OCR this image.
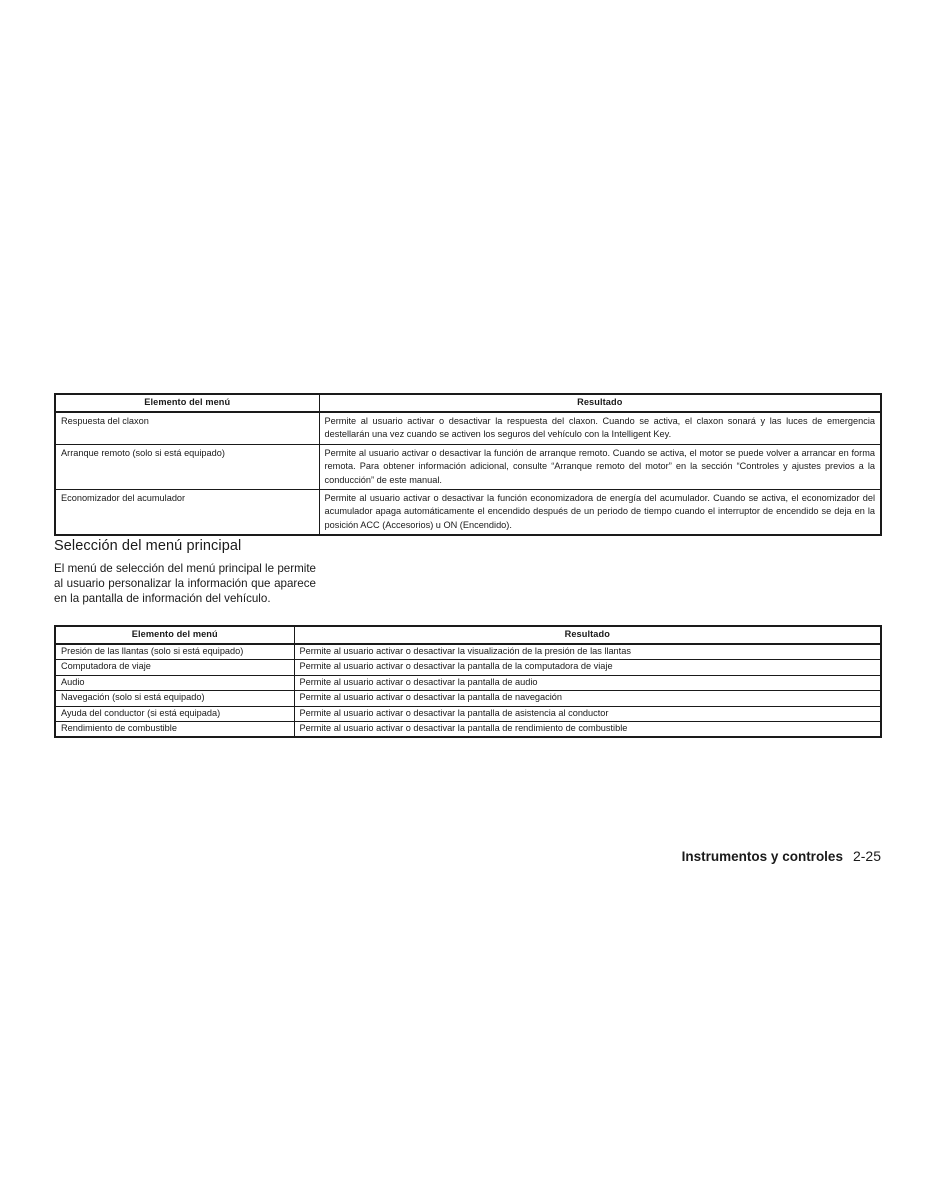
Elemento del menú	Resultado
Respuesta del claxon	Permite al usuario activar o desactivar la respuesta del claxon. Cuando se activa, el claxon sonará y las luces de emergencia destellarán una vez cuando se activen los seguros del vehículo con la Intelligent Key.
Arranque remoto (solo si está equipado)	Permite al usuario activar o desactivar la función de arranque remoto. Cuando se activa, el motor se puede volver a arrancar en forma remota. Para obtener información adicional, consulte “Arranque remoto del motor” en la sección “Controles y ajustes previos a la conducción” de este manual.
Economizador del acumulador	Permite al usuario activar o desactivar la función economizadora de energía del acumulador. Cuando se activa, el economizador del acumulador apaga automáticamente el encendido después de un periodo de tiempo cuando el interruptor de encendido se deja en la posición ACC (Accesorios) u ON (Encendido).
Selección del menú principal

El menú de selección del menú principal le permite al usuario personalizar la información que aparece en la pantalla de información del vehículo.

Elemento del menú	Resultado
Presión de las llantas (solo si está equipado)	Permite al usuario activar o desactivar la visualización de la presión de las llantas
Computadora de viaje	Permite al usuario activar o desactivar la pantalla de la computadora de viaje
Audio	Permite al usuario activar o desactivar la pantalla de audio
Navegación (solo si está equipado)	Permite al usuario activar o desactivar la pantalla de navegación
Ayuda del conductor (si está equipada)	Permite al usuario activar o desactivar la pantalla de asistencia al conductor
Rendimiento de combustible	Permite al usuario activar o desactivar la pantalla de rendimiento de combustible
Instrumentos y controles 2-25
